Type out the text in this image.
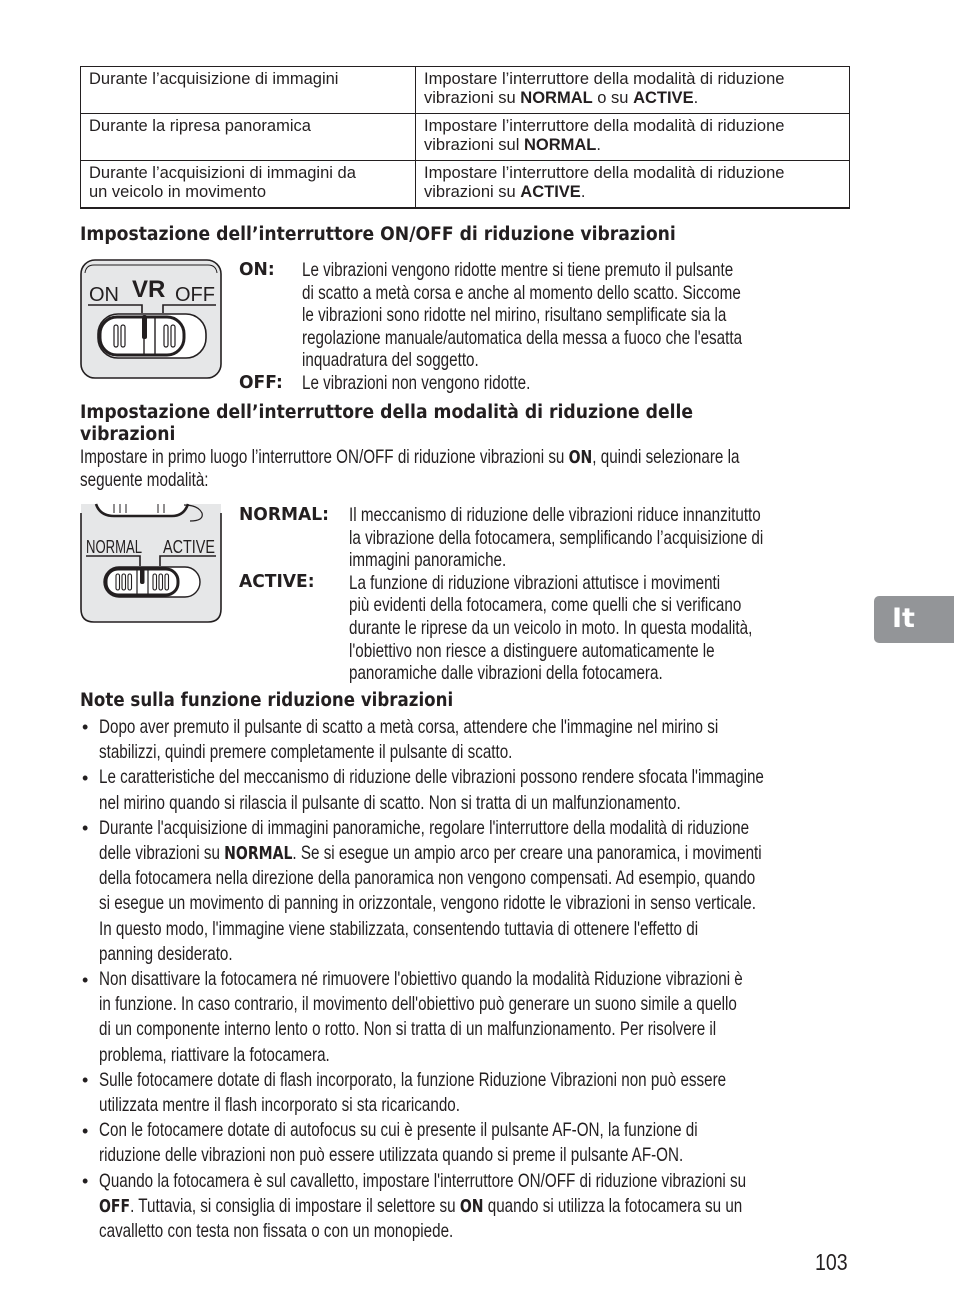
Durante l’acquisizione di immagini	Impostare l’interruttore della modalità di riduzione
vibrazioni su NORMAL o su ACTIVE.
Durante la ripresa panoramica	Impostare l’interruttore della modalità di riduzione
vibrazioni sul NORMAL.
Durante l’acquisizioni di immagini da
un veicolo in movimento	Impostare l’interruttore della modalità di riduzione
vibrazioni su ACTIVE.
Impostazione dell’interruttore ON/OFF di riduzione vibrazioni
ON VR OFF
ON: Le vibrazioni vengono ridotte mentre si tiene premuto il pulsante
di scatto a metà corsa e anche al momento dello scatto. Siccome
le vibrazioni sono ridotte nel mirino, risultano semplificate sia la
regolazione manuale/automatica della messa a fuoco che l'esatta
inquadratura del soggetto.
OFF: Le vibrazioni non vengono ridotte.
Impostazione dell’interruttore della modalità di riduzione delle
vibrazioni
Impostare in primo luogo l’interruttore ON/OFF di riduzione vibrazioni su ON, quindi selezionare la
seguente modalità:
NORMAL ACTIVE
NORMAL: Il meccanismo di riduzione delle vibrazioni riduce innanzitutto
la vibrazione della fotocamera, semplificando l’acquisizione di
immagini panoramiche.
ACTIVE: La funzione di riduzione vibrazioni attutisce i movimenti
più evidenti della fotocamera, come quelli che si verificano
durante le riprese da un veicolo in moto. In questa modalità,
l'obiettivo non riesce a distinguere automaticamente le
panoramiche dalle vibrazioni della fotocamera.
Note sulla funzione riduzione vibrazioni
• Dopo aver premuto il pulsante di scatto a metà corsa, attendere che l'immagine nel mirino si
stabilizzi, quindi premere completamente il pulsante di scatto.
• Le caratteristiche del meccanismo di riduzione delle vibrazioni possono rendere sfocata l'immagine
nel mirino quando si rilascia il pulsante di scatto. Non si tratta di un malfunzionamento.
• Durante l'acquisizione di immagini panoramiche, regolare l'interruttore della modalità di riduzione
delle vibrazioni su NORMAL. Se si esegue un ampio arco per creare una panoramica, i movimenti
della fotocamera nella direzione della panoramica non vengono compensati. Ad esempio, quando
si esegue un movimento di panning in orizzontale, vengono ridotte le vibrazioni in senso verticale.
In questo modo, l'immagine viene stabilizzata, consentendo tuttavia di ottenere l'effetto di
panning desiderato.
• Non disattivare la fotocamera né rimuovere l'obiettivo quando la modalità Riduzione vibrazioni è
in funzione. In caso contrario, il movimento dell'obiettivo può generare un suono simile a quello
di un componente interno lento o rotto. Non si tratta di un malfunzionamento. Per risolvere il
problema, riattivare la fotocamera.
• Sulle fotocamere dotate di flash incorporato, la funzione Riduzione Vibrazioni non può essere
utilizzata mentre il flash incorporato si sta ricaricando.
• Con le fotocamere dotate di autofocus su cui è presente il pulsante AF-ON, la funzione di
riduzione delle vibrazioni non può essere utilizzata quando si preme il pulsante AF-ON.
• Quando la fotocamera è sul cavalletto, impostare l'interruttore ON/OFF di riduzione vibrazioni su
OFF. Tuttavia, si consiglia di impostare il selettore su ON quando si utilizza la fotocamera su un
cavalletto con testa non fissata o con un monopiede.
It
103
